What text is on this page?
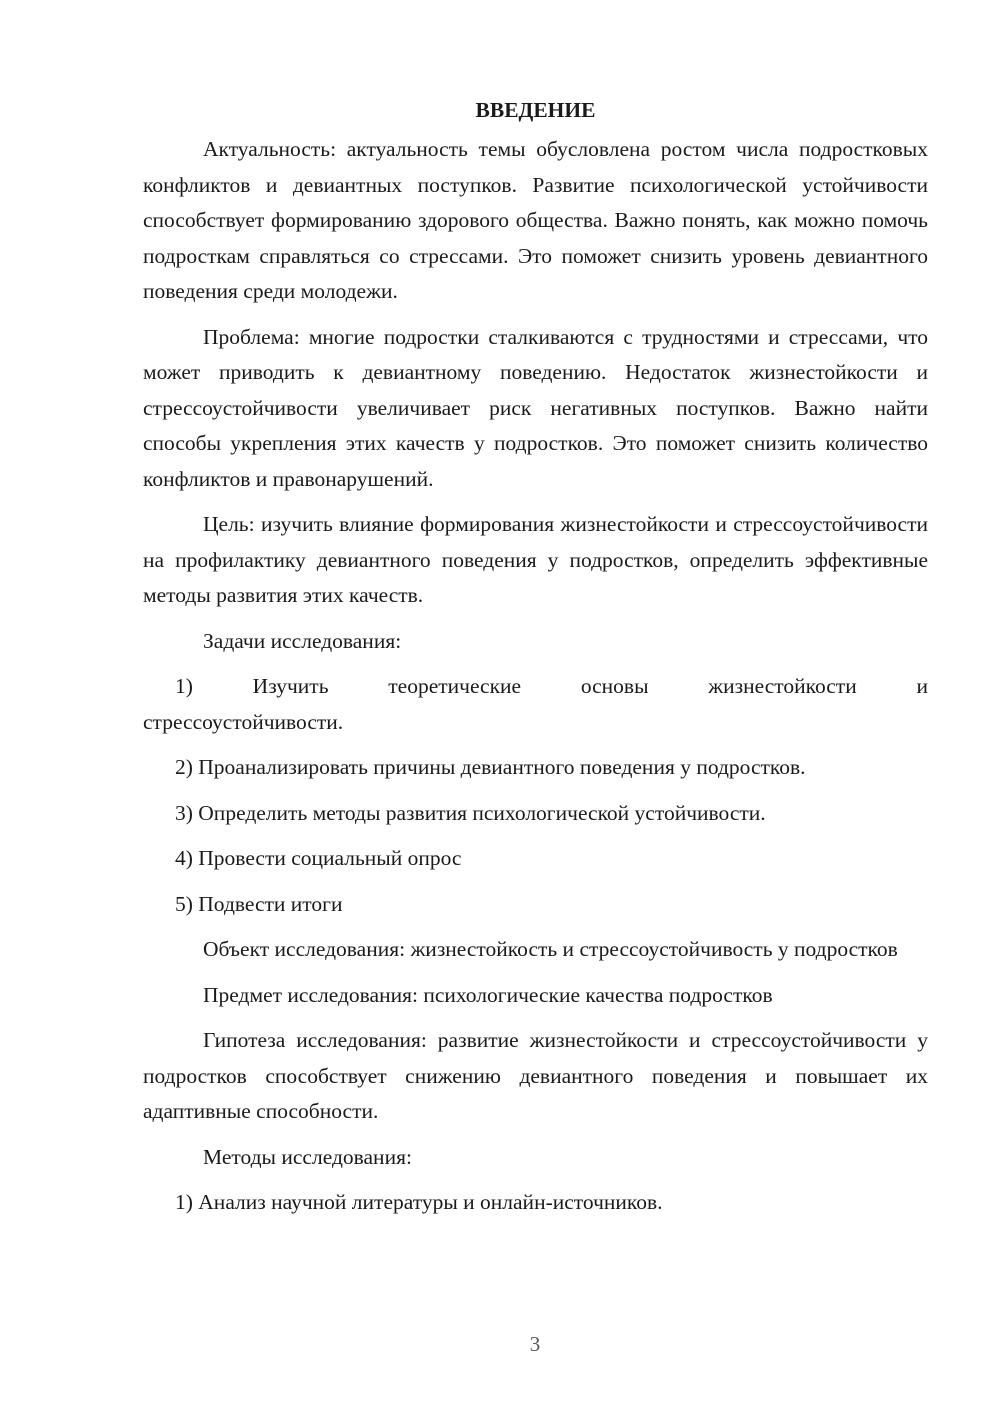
ВВЕДЕНИЕ

Актуальность: актуальность темы обусловлена ростом числа подростковых конфликтов и девиантных поступков. Развитие психологической устойчивости способствует формированию здорового общества. Важно понять, как можно помочь подросткам справляться со стрессами. Это поможет снизить уровень девиантного поведения среди молодежи.

Проблема: многие подростки сталкиваются с трудностями и стрессами, что может приводить к девиантному поведению. Недостаток жизнестойкости и стрессоустойчивости увеличивает риск негативных поступков. Важно найти способы укрепления этих качеств у подростков. Это поможет снизить количество конфликтов и правонарушений.

Цель: изучить влияние формирования жизнестойкости и стрессоустойчивости на профилактику девиантного поведения у подростков, определить эффективные методы развития этих качеств.

Задачи исследования:

1)	Изучить	теоретические	основы	жизнестойкости	и
стрессоустойчивости.
2) Проанализировать причины девиантного поведения у подростков.
3) Определить методы развития психологической устойчивости.
4) Провести социальный опрос
5) Подвести итоги

Объект исследования: жизнестойкость и стрессоустойчивость у подростков

Предмет исследования: психологические качества подростков

Гипотеза исследования: развитие жизнестойкости и стрессоустойчивости у подростков способствует снижению девиантного поведения и повышает их адаптивные способности.

Методы исследования:

1) Анализ научной литературы и онлайн-источников.
3
